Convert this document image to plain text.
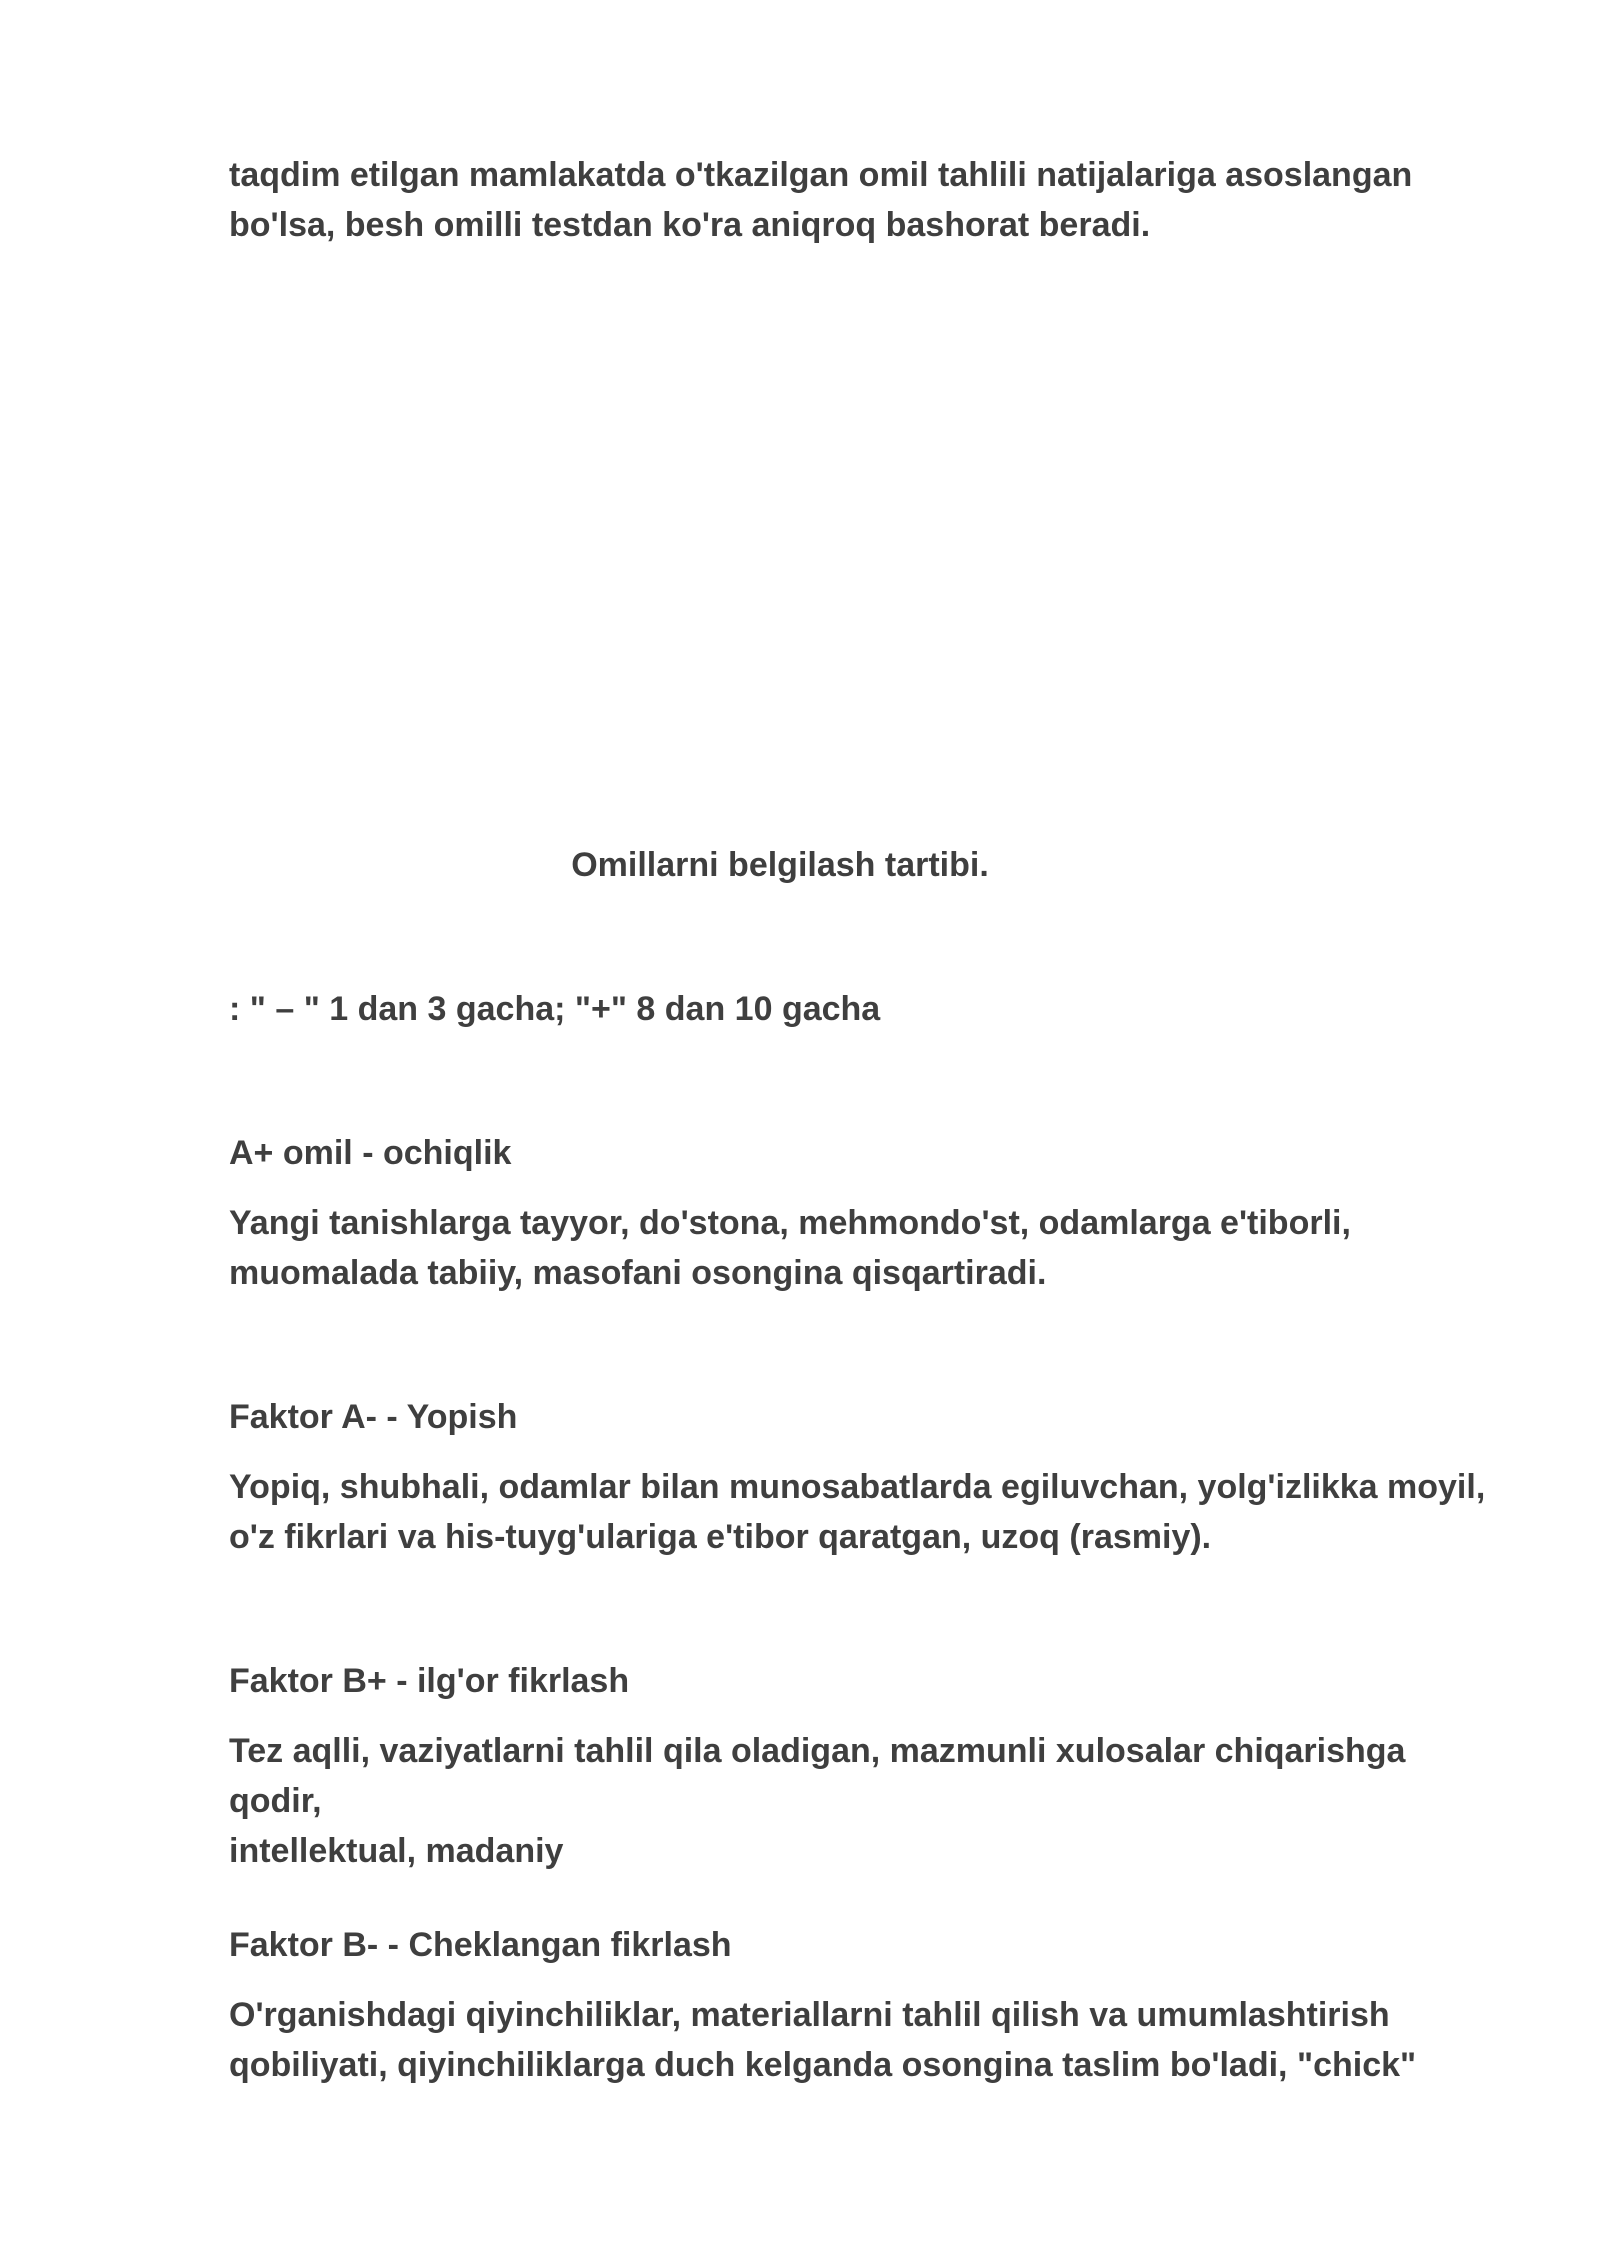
taqdim etilgan mamlakatda o'tkazilgan omil tahlili natijalariga asoslangan
bo'lsa, besh omilli testdan ko'ra aniqroq bashorat beradi.

Omillarni belgilash tartibi.

: " – " 1 dan 3 gacha; "+" 8 dan 10 gacha

A+ omil - ochiqlik

Yangi tanishlarga tayyor, do'stona, mehmondo'st, odamlarga e'tiborli,
muomalada tabiiy, masofani osongina qisqartiradi.

Faktor A- - Yopish

Yopiq, shubhali, odamlar bilan munosabatlarda egiluvchan, yolg'izlikka moyil,
o'z fikrlari va his-tuyg'ulariga e'tibor qaratgan, uzoq (rasmiy).

Faktor B+ - ilg'or fikrlash

Tez aqlli, vaziyatlarni tahlil qila oladigan, mazmunli xulosalar chiqarishga qodir,
intellektual, madaniy

Faktor B- - Cheklangan fikrlash

O'rganishdagi qiyinchiliklar, materiallarni tahlil qilish va umumlashtirish
qobiliyati, qiyinchiliklarga duch kelganda osongina taslim bo'ladi, "chick"
